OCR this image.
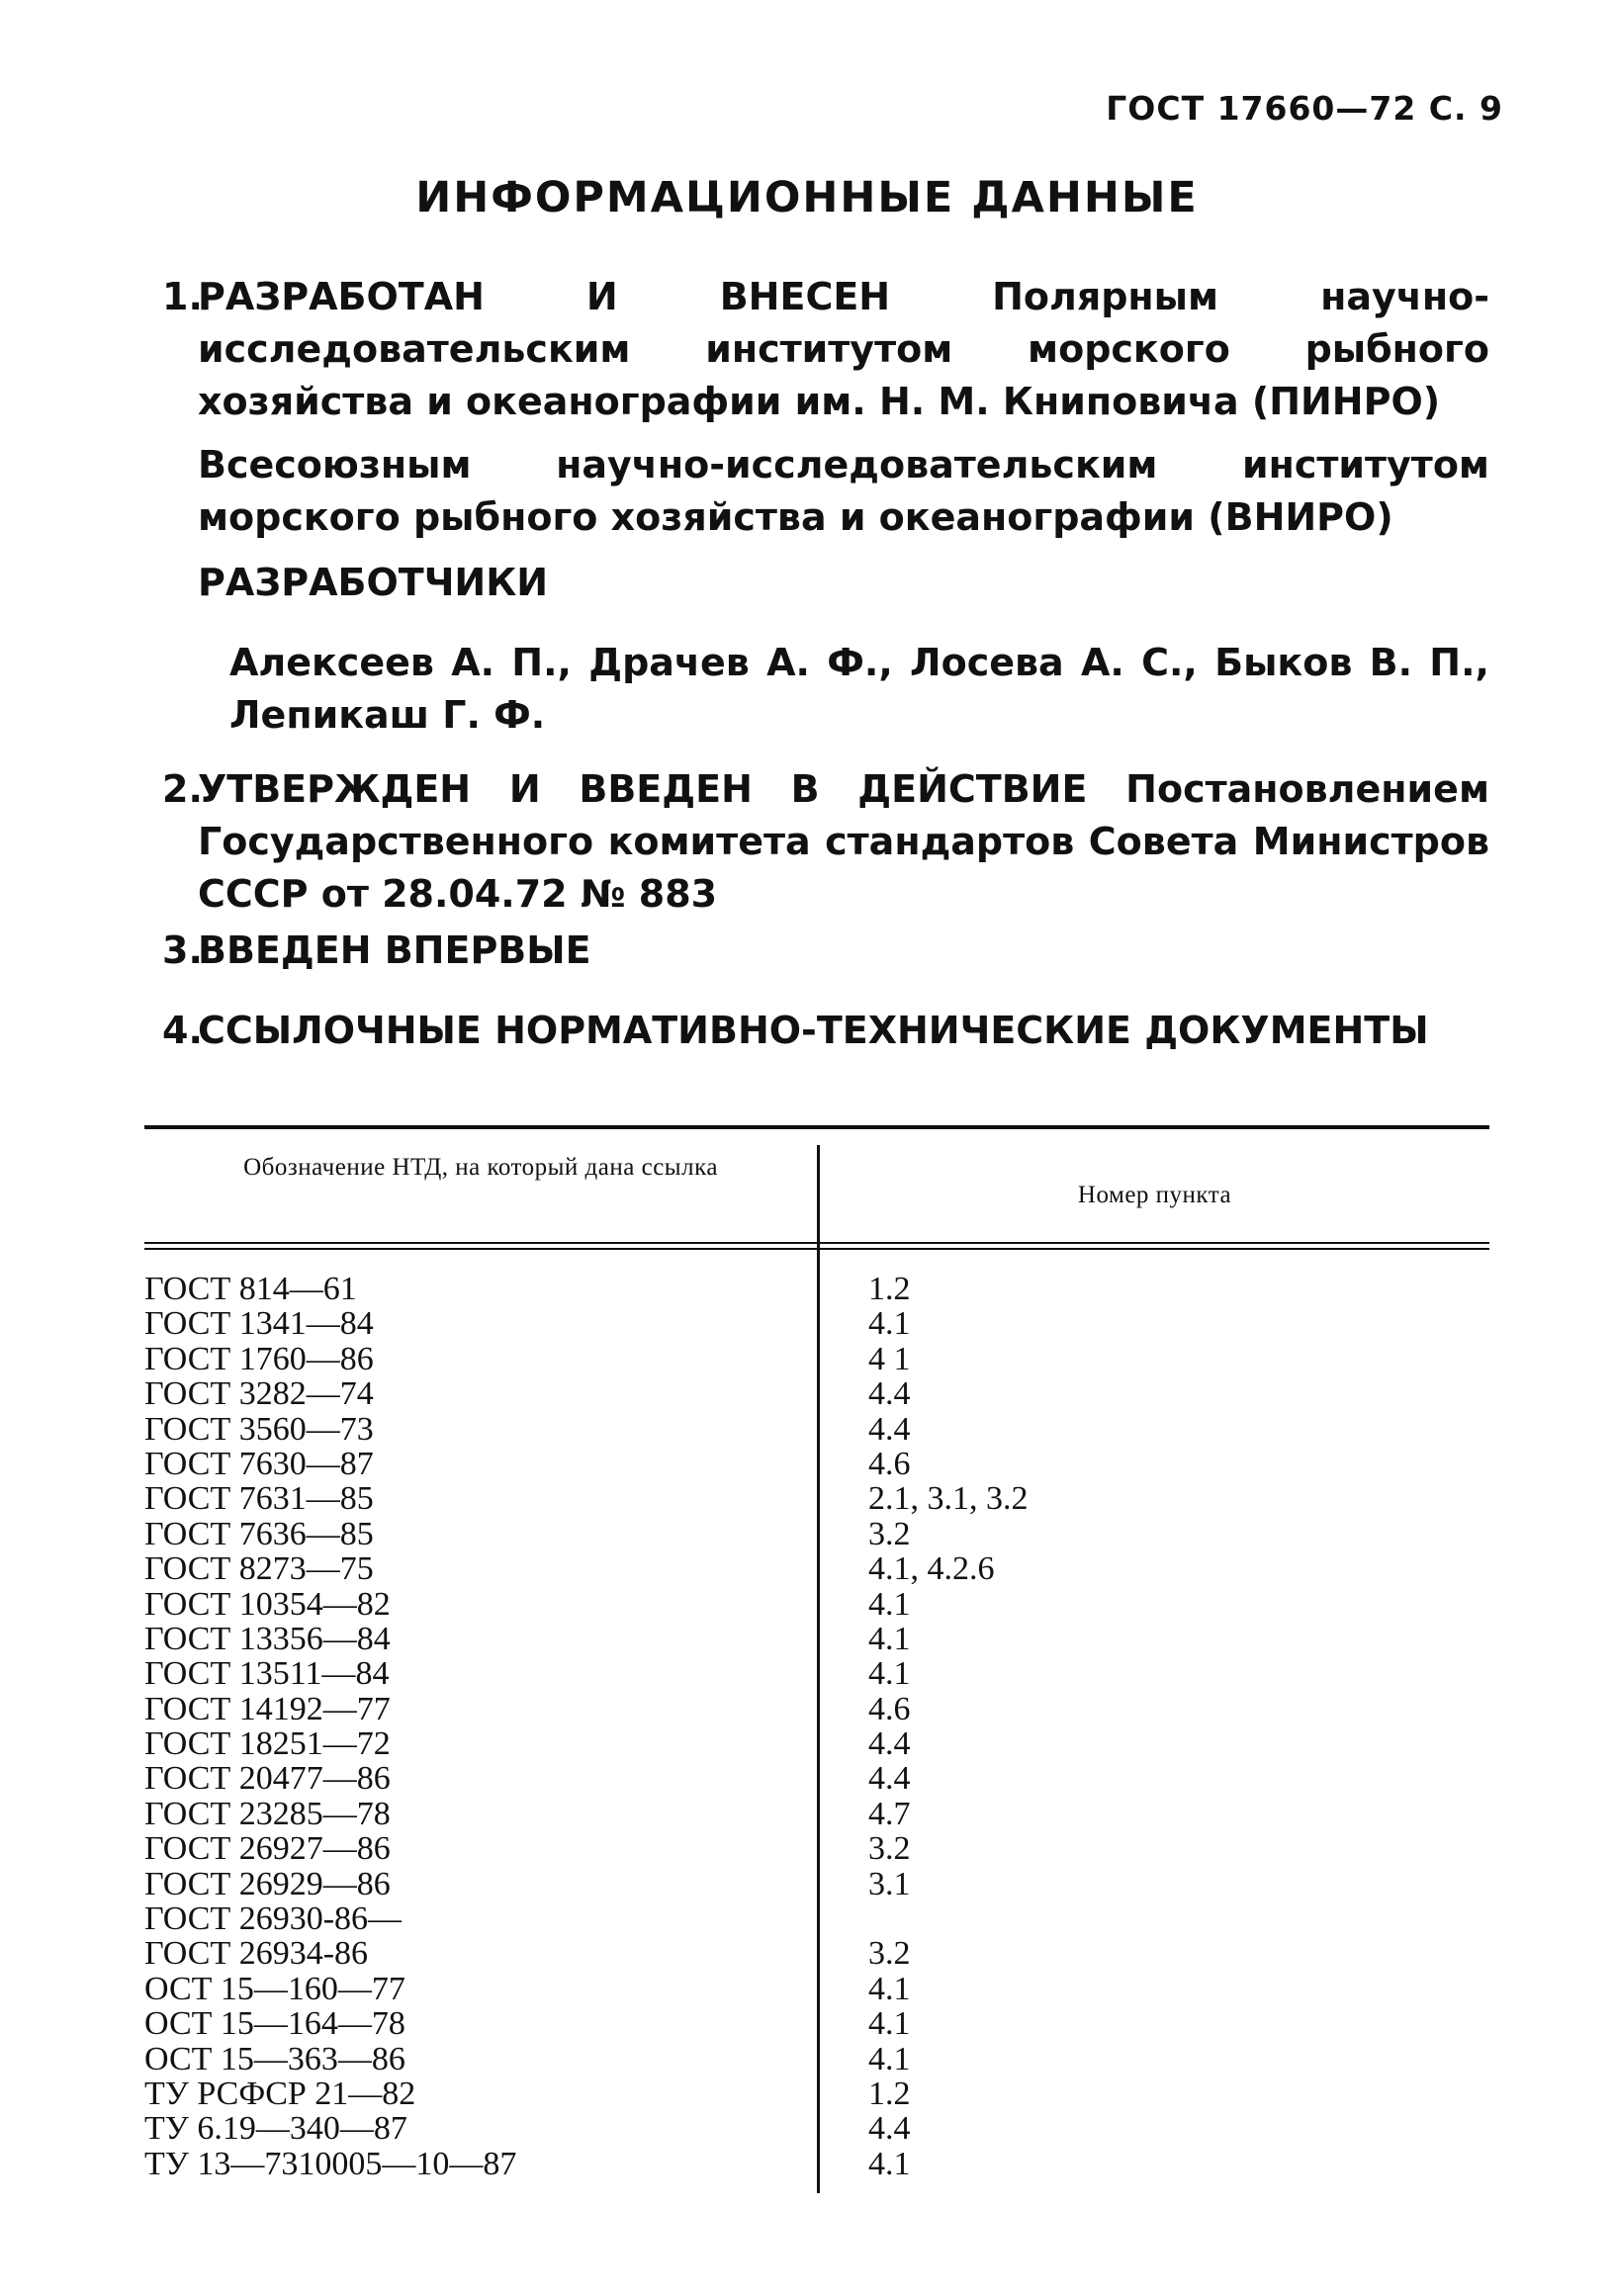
ГОСТ 17660—72 С. 9
ИНФОРМАЦИОННЫЕ ДАННЫЕ
1.
РАЗРАБОТАН И ВНЕСЕН Полярным научно-исследовательским институтом морского рыбного хозяйства и океанографии им. Н. М. Книповича (ПИНРО)
Всесоюзным научно-исследовательским институтом морского рыбного хозяйства и океанографии (ВНИРО)
РАЗРАБОТЧИКИ
Алексеев А. П., Драчев А. Ф., Лосева А. С., Быков В. П., Лепикаш Г. Ф.
2.
УТВЕРЖДЕН И ВВЕДЕН В ДЕЙСТВИЕ Постановлением Государственного комитета стандартов Совета Министров СССР от 28.04.72 № 883
3.
ВВЕДЕН ВПЕРВЫЕ
4.
ССЫЛОЧНЫЕ НОРМАТИВНО-ТЕХНИЧЕСКИЕ ДОКУМЕНТЫ
Обозначение НТД, на который дана ссылка
Номер пункта
ГОСТ 814—61	1.2
ГОСТ 1341—84	4.1
ГОСТ 1760—86	4 1
ГОСТ 3282—74	4.4
ГОСТ 3560—73	4.4
ГОСТ 7630—87	4.6
ГОСТ 7631—85	2.1, 3.1, 3.2
ГОСТ 7636—85	3.2
ГОСТ 8273—75	4.1, 4.2.6
ГОСТ 10354—82	4.1
ГОСТ 13356—84	4.1
ГОСТ 13511—84	4.1
ГОСТ 14192—77	4.6
ГОСТ 18251—72	4.4
ГОСТ 20477—86	4.4
ГОСТ 23285—78	4.7
ГОСТ 26927—86	3.2
ГОСТ 26929—86	3.1
ГОСТ 26930-86—
ГОСТ 26934-86	3.2
ОСТ 15—160—77	4.1
ОСТ 15—164—78	4.1
ОСТ 15—363—86	4.1
ТУ РСФСР 21—82	1.2
ТУ 6.19—340—87	4.4
ТУ 13—7310005—10—87	4.1
